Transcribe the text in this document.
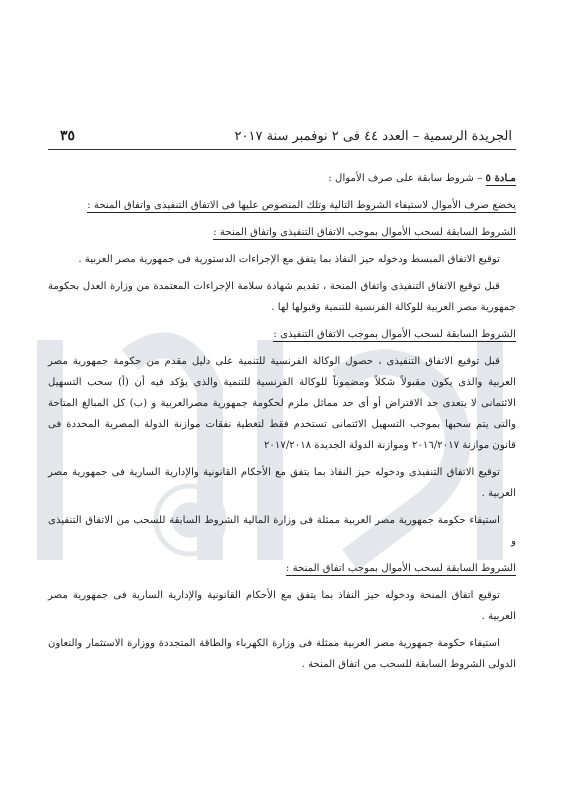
الجريدة الرسمية – العدد ٤٤ فى ٢ نوفمبر سنة ٢٠١٧
٣٥

مـادة ٥ – شروط سابقة على صرف الأموال :

يخضع صرف الأموال لاستيفاء الشروط التالية وتلك المنصوص عليها فى الاتفاق التنفيذى واتفاق المنحة :

الشروط السابقة لسحب الأموال بموجب الاتفاق التنفيذى واتفاق المنحة :

توقيع الاتفاق المبسط ودخوله حيز النفاذ بما يتفق مع الإجراءات الدستورية فى جمهورية مصر العربية .

قبل توقيع الاتفاق التنفيذى واتفاق المنحة ، تقديم شهادة سلامة الإجراءات المعتمدة من وزارة العدل بحكومة جمهورية مصر العربية للوكالة الفرنسية للتنمية وقبولها لها .

الشروط السابقة لسحب الأموال بموجب الاتفاق التنفيذى :

قبل توقيع الاتفاق التنفيذى ، حصول الوكالة الفرنسية للتنمية على دليل مقدم من حكومة جمهورية مصر العربية والذى يكون مقبولاً شكلاً ومضموناً للوكالة الفرنسية للتنمية والذى يؤكد فيه أن (أ) سحب التسهيل الائتمانى لا يتعدى حد الاقتراض أو أى حد مماثل ملزم لحكومة جمهورية مصرالعربية و (ب) كل المبالغ المتاحة والتى يتم سحبها بموجب التسهيل الائتمانى تستخدم فقط لتغطية نفقات موازنة الدولة المصرية المحددة فى قانون موازنة ٢٠١٦/٢٠١٧ وموازنة الدولة الجديدة ٢٠١٧/٢٠١٨

توقيع الاتفاق التنفيذى ودخوله حيز النفاذ بما يتفق مع الأحكام القانونية والإدارية السارية فى جمهورية مصر العربية .

استيفاء حكومة جمهورية مصر العربية ممثلة فى وزارة المالية الشروط السابقة للسحب من الاتفاق التنفيذى و

الشروط السابقة لسحب الأموال بموجب اتفاق المنحة :

توقيع اتفاق المنحة ودخوله حيز النفاذ بما يتفق مع الأحكام القانونية والإدارية السارية فى جمهورية مصر العربية .

استيفاء حكومة جمهورية مصر العربية ممثلة فى وزارة الكهرباء والطاقة المتجددة ووزارة الاستثمار والتعاون الدولى الشروط السابقة للسحب من اتفاق المنحة .
